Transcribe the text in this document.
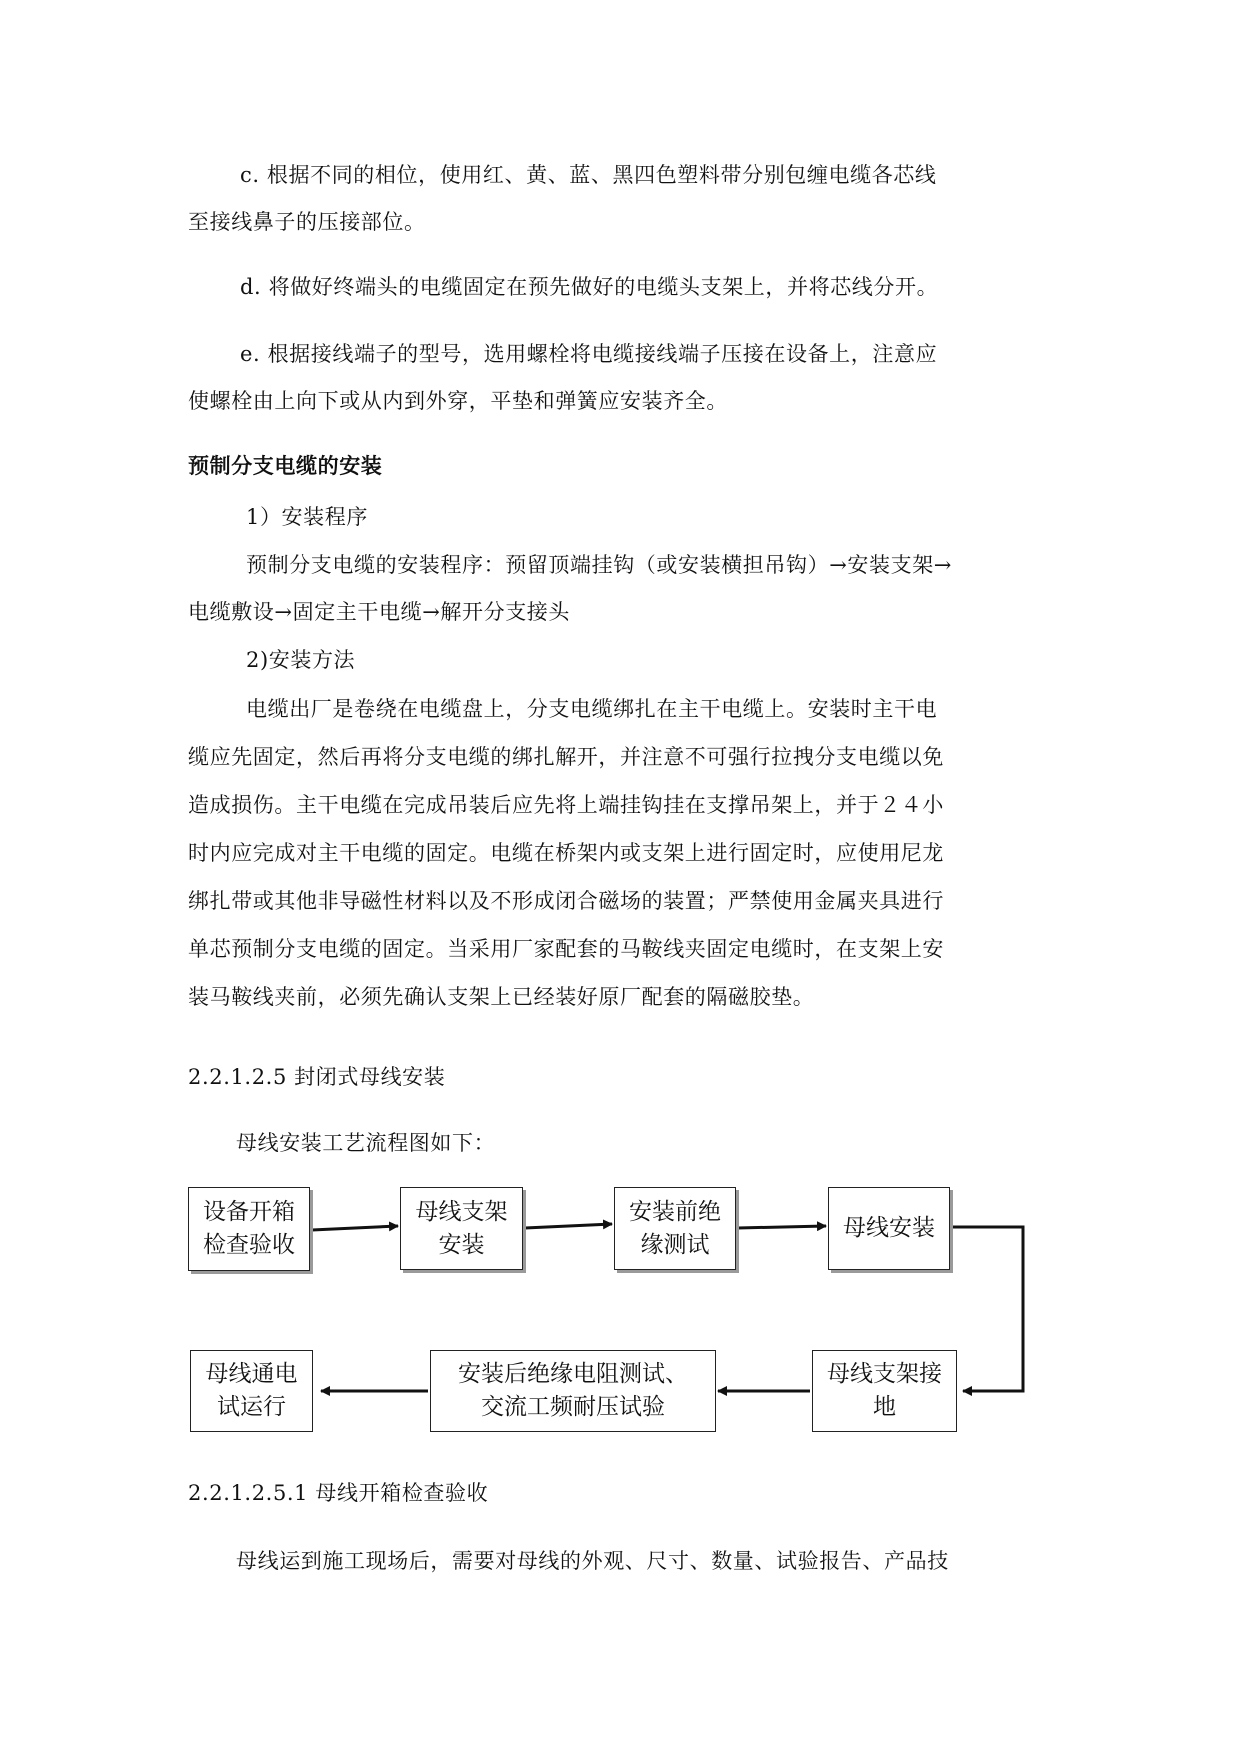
c. 根据不同的相位，使用红、黄、蓝、黑四色塑料带分别包缠电缆各芯线
至接线鼻子的压接部位。
d. 将做好终端头的电缆固定在预先做好的电缆头支架上，并将芯线分开。
e. 根据接线端子的型号，选用螺栓将电缆接线端子压接在设备上，注意应
使螺栓由上向下或从内到外穿，平垫和弹簧应安装齐全。
预制分支电缆的安装
1）安装程序
预制分支电缆的安装程序：预留顶端挂钩（或安装横担吊钩）→安装支架→
电缆敷设→固定主干电缆→解开分支接头
2)安装方法
电缆出厂是卷绕在电缆盘上，分支电缆绑扎在主干电缆上。安装时主干电
缆应先固定，然后再将分支电缆的绑扎解开，并注意不可强行拉拽分支电缆以免
造成损伤。主干电缆在完成吊装后应先将上端挂钩挂在支撑吊架上，并于２４小
时内应完成对主干电缆的固定。电缆在桥架内或支架上进行固定时，应使用尼龙
绑扎带或其他非导磁性材料以及不形成闭合磁场的装置；严禁使用金属夹具进行
单芯预制分支电缆的固定。当采用厂家配套的马鞍线夹固定电缆时，在支架上安
装马鞍线夹前，必须先确认支架上已经装好原厂配套的隔磁胶垫。
2.2.1.2.5 封闭式母线安装
母线安装工艺流程图如下：
设备开箱
检查验收
母线支架
安装
安装前绝
缘测试
母线安装
母线支架接
地
安装后绝缘电阻测试、
交流工频耐压试验
母线通电
试运行
2.2.1.2.5.1 母线开箱检查验收
母线运到施工现场后，需要对母线的外观、尺寸、数量、试验报告、产品技
